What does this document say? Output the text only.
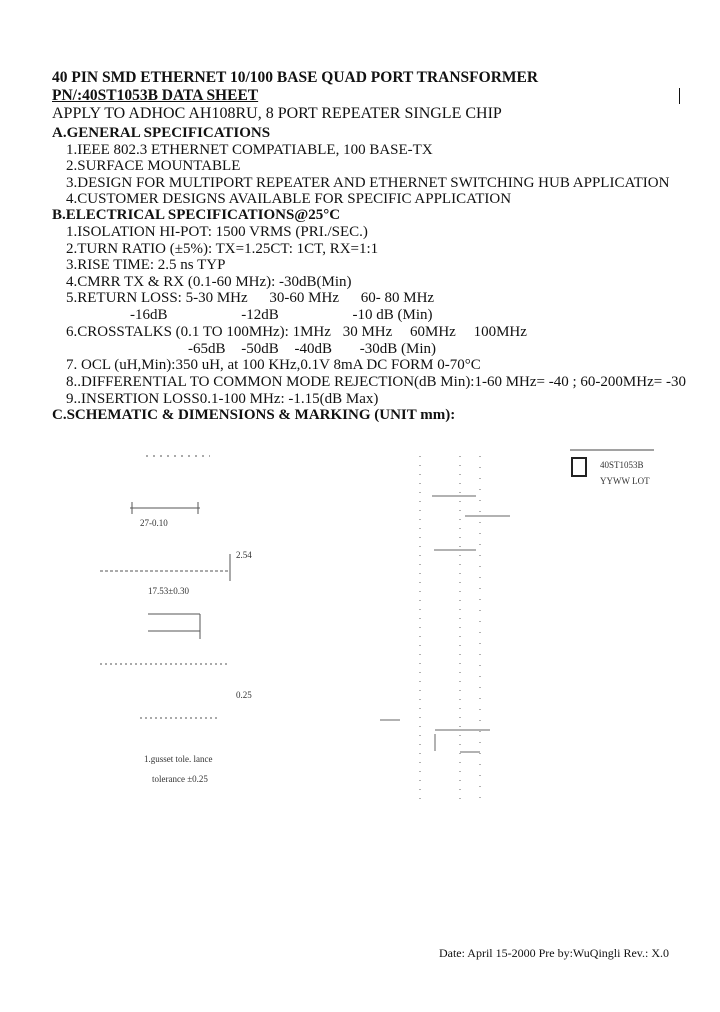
40 PIN SMD ETHERNET 10/100 BASE QUAD PORT TRANSFORMER
PN/:40ST1053B DATA SHEET
APPLY TO ADHOC AH108RU, 8 PORT REPEATER SINGLE CHIP
A.GENERAL SPECIFICATIONS
1.IEEE 802.3 ETHERNET COMPATIABLE, 100 BASE-TX
2.SURFACE MOUNTABLE
3.DESIGN FOR MULTIPORT REPEATER AND ETHERNET SWITCHING HUB APPLICATION
4.CUSTOMER DESIGNS AVAILABLE FOR SPECIFIC APPLICATION
B.ELECTRICAL SPECIFICATIONS@25°C
1.ISOLATION HI-POT: 1500 VRMS (PRI./SEC.)
2.TURN RATIO (±5%): TX=1.25CT: 1CT, RX=1:1
3.RISE TIME: 2.5 ns TYP
4.CMRR TX & RX (0.1-60 MHz): -30dB(Min)
5.RETURN LOSS: 5-30 MHz 30-60 MHz 60- 80 MHz
-16dB	-12dB	-10 dB (Min)
6.CROSSTALKS (0.1 TO 100MHz): 1MHz 30 MHz 60MHz 100MHz
-65dB -50dB -40dB -30dB (Min)
7. OCL (uH,Min):350 uH, at 100 KHz,0.1V 8mA DC FORM 0-70°C
8..DIFFERENTIAL TO COMMON MODE REJECTION(dB Min):1-60 MHz= -40 ; 60-200MHz= -30
9..INSERTION LOSS0.1-100 MHz: -1.15(dB Max)
C.SCHEMATIC & DIMENSIONS & MARKING (UNIT mm):
27-0.10
17.53±0.30
0.25
2.54
1.gusset tole. lance
tolerance ±0.25
40ST1053B
YYWW LOT
Date: April 15-2000 Pre by:WuQingli Rev.: X.0
